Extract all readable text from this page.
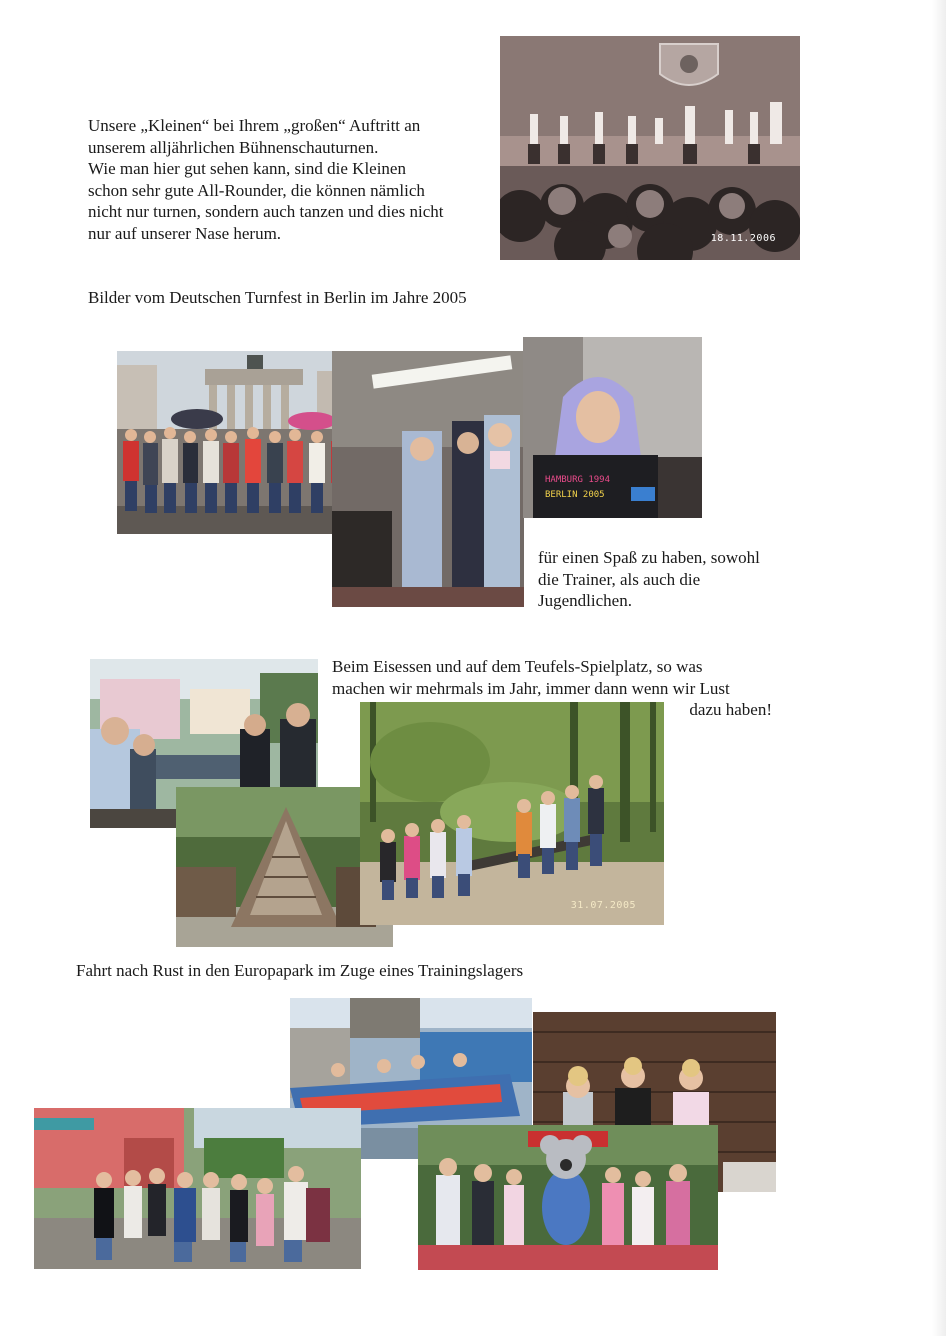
Unsere „Kleinen“ bei Ihrem „großen“ Auftritt an
unserem alljährlichen Bühnenschauturnen.
Wie man hier gut sehen kann, sind die Kleinen
schon sehr gute All-Rounder, die können nämlich
nicht nur turnen, sondern auch tanzen und dies nicht
nur auf unserer Nase herum.	18.11.2006
Bilder vom Deutschen Turnfest in Berlin im Jahre 2005
HAMBURG 1994
BERLIN 2005
für einen Spaß zu haben, sowohl
die Trainer, als auch die
Jugendlichen.
Beim Eisessen und auf dem Teufels-Spielplatz, so was
machen wir mehrmals im Jahr, immer dann wenn wir Lust
dazu haben!
31.07.2005
Fahrt nach Rust in den Europapark im Zuge eines Trainingslagers
